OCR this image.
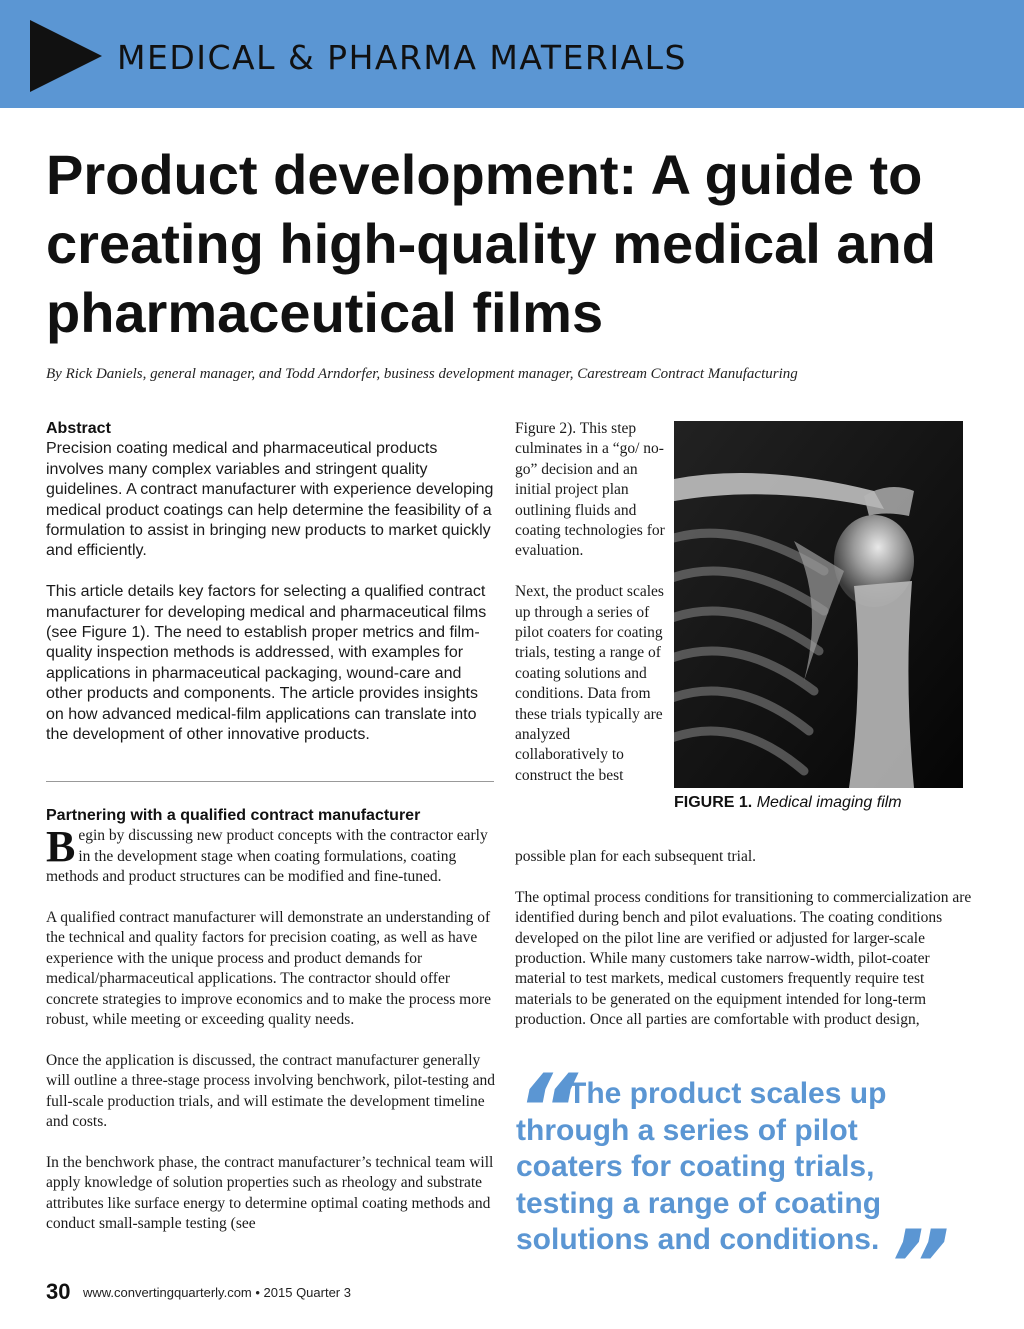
MEDICAL & PHARMA MATERIALS
Product development: A guide to creating high-quality medical and pharmaceutical films
By Rick Daniels, general manager, and Todd Arndorfer, business development manager, Carestream Contract Manufacturing

Abstract

Precision coating medical and pharmaceutical products involves many complex variables and stringent quality guidelines. A contract manufacturer with experience developing medical product coatings can help determine the feasibility of a formulation to assist in bringing new products to market quickly and efficiently.

This article details key factors for selecting a qualified contract manufacturer for developing medical and pharmaceutical films (see Figure 1). The need to establish proper metrics and film-quality inspection methods is addressed, with examples for applications in pharmaceutical packaging, wound-care and other products and components. The article provides insights on how advanced medical-film applications can translate into the development of other innovative products.

Partnering with a qualified contract manufacturer

Begin by discussing new product concepts with the contractor early in the development stage when coating formulations, coating methods and product structures can be modified and fine-tuned.

A qualified contract manufacturer will demonstrate an understanding of the technical and quality factors for precision coating, as well as have experience with the unique process and product demands for medical/pharmaceutical applications. The contractor should offer concrete strategies to improve economics and to make the process more robust, while meeting or exceeding quality needs.

Once the application is discussed, the contract manufacturer generally will outline a three-stage process involving benchwork, pilot-testing and full-scale production trials, and will estimate the development timeline and costs.

In the benchwork phase, the contract manufacturer’s technical team will apply knowledge of solution properties such as rheology and substrate attributes like surface energy to determine optimal coating methods and conduct small-sample testing (see

Figure 2). This step culminates in a “go/ no-go” decision and an initial project plan outlining fluids and coating technologies for evaluation.

Next, the product scales up through a series of pilot coaters for coating trials, testing a range of coating solutions and conditions. Data from these trials typically are analyzed collaboratively to construct the best

possible plan for each subsequent trial.

The optimal process conditions for transitioning to commercialization are identified during bench and pilot evaluations. The coating conditions developed on the pilot line are verified or adjusted for larger-scale production. While many customers take narrow-width, pilot-coater material to test markets, medical customers frequently require test materials to be generated on the equipment intended for long-term production. Once all parties are comfortable with product design,

FIGURE 1. Medical imaging film
“
The product scales up through a series of pilot coaters for coating trials, testing a range of coating solutions and conditions. ”
30 www.convertingquarterly.com • 2015 Quarter 3
